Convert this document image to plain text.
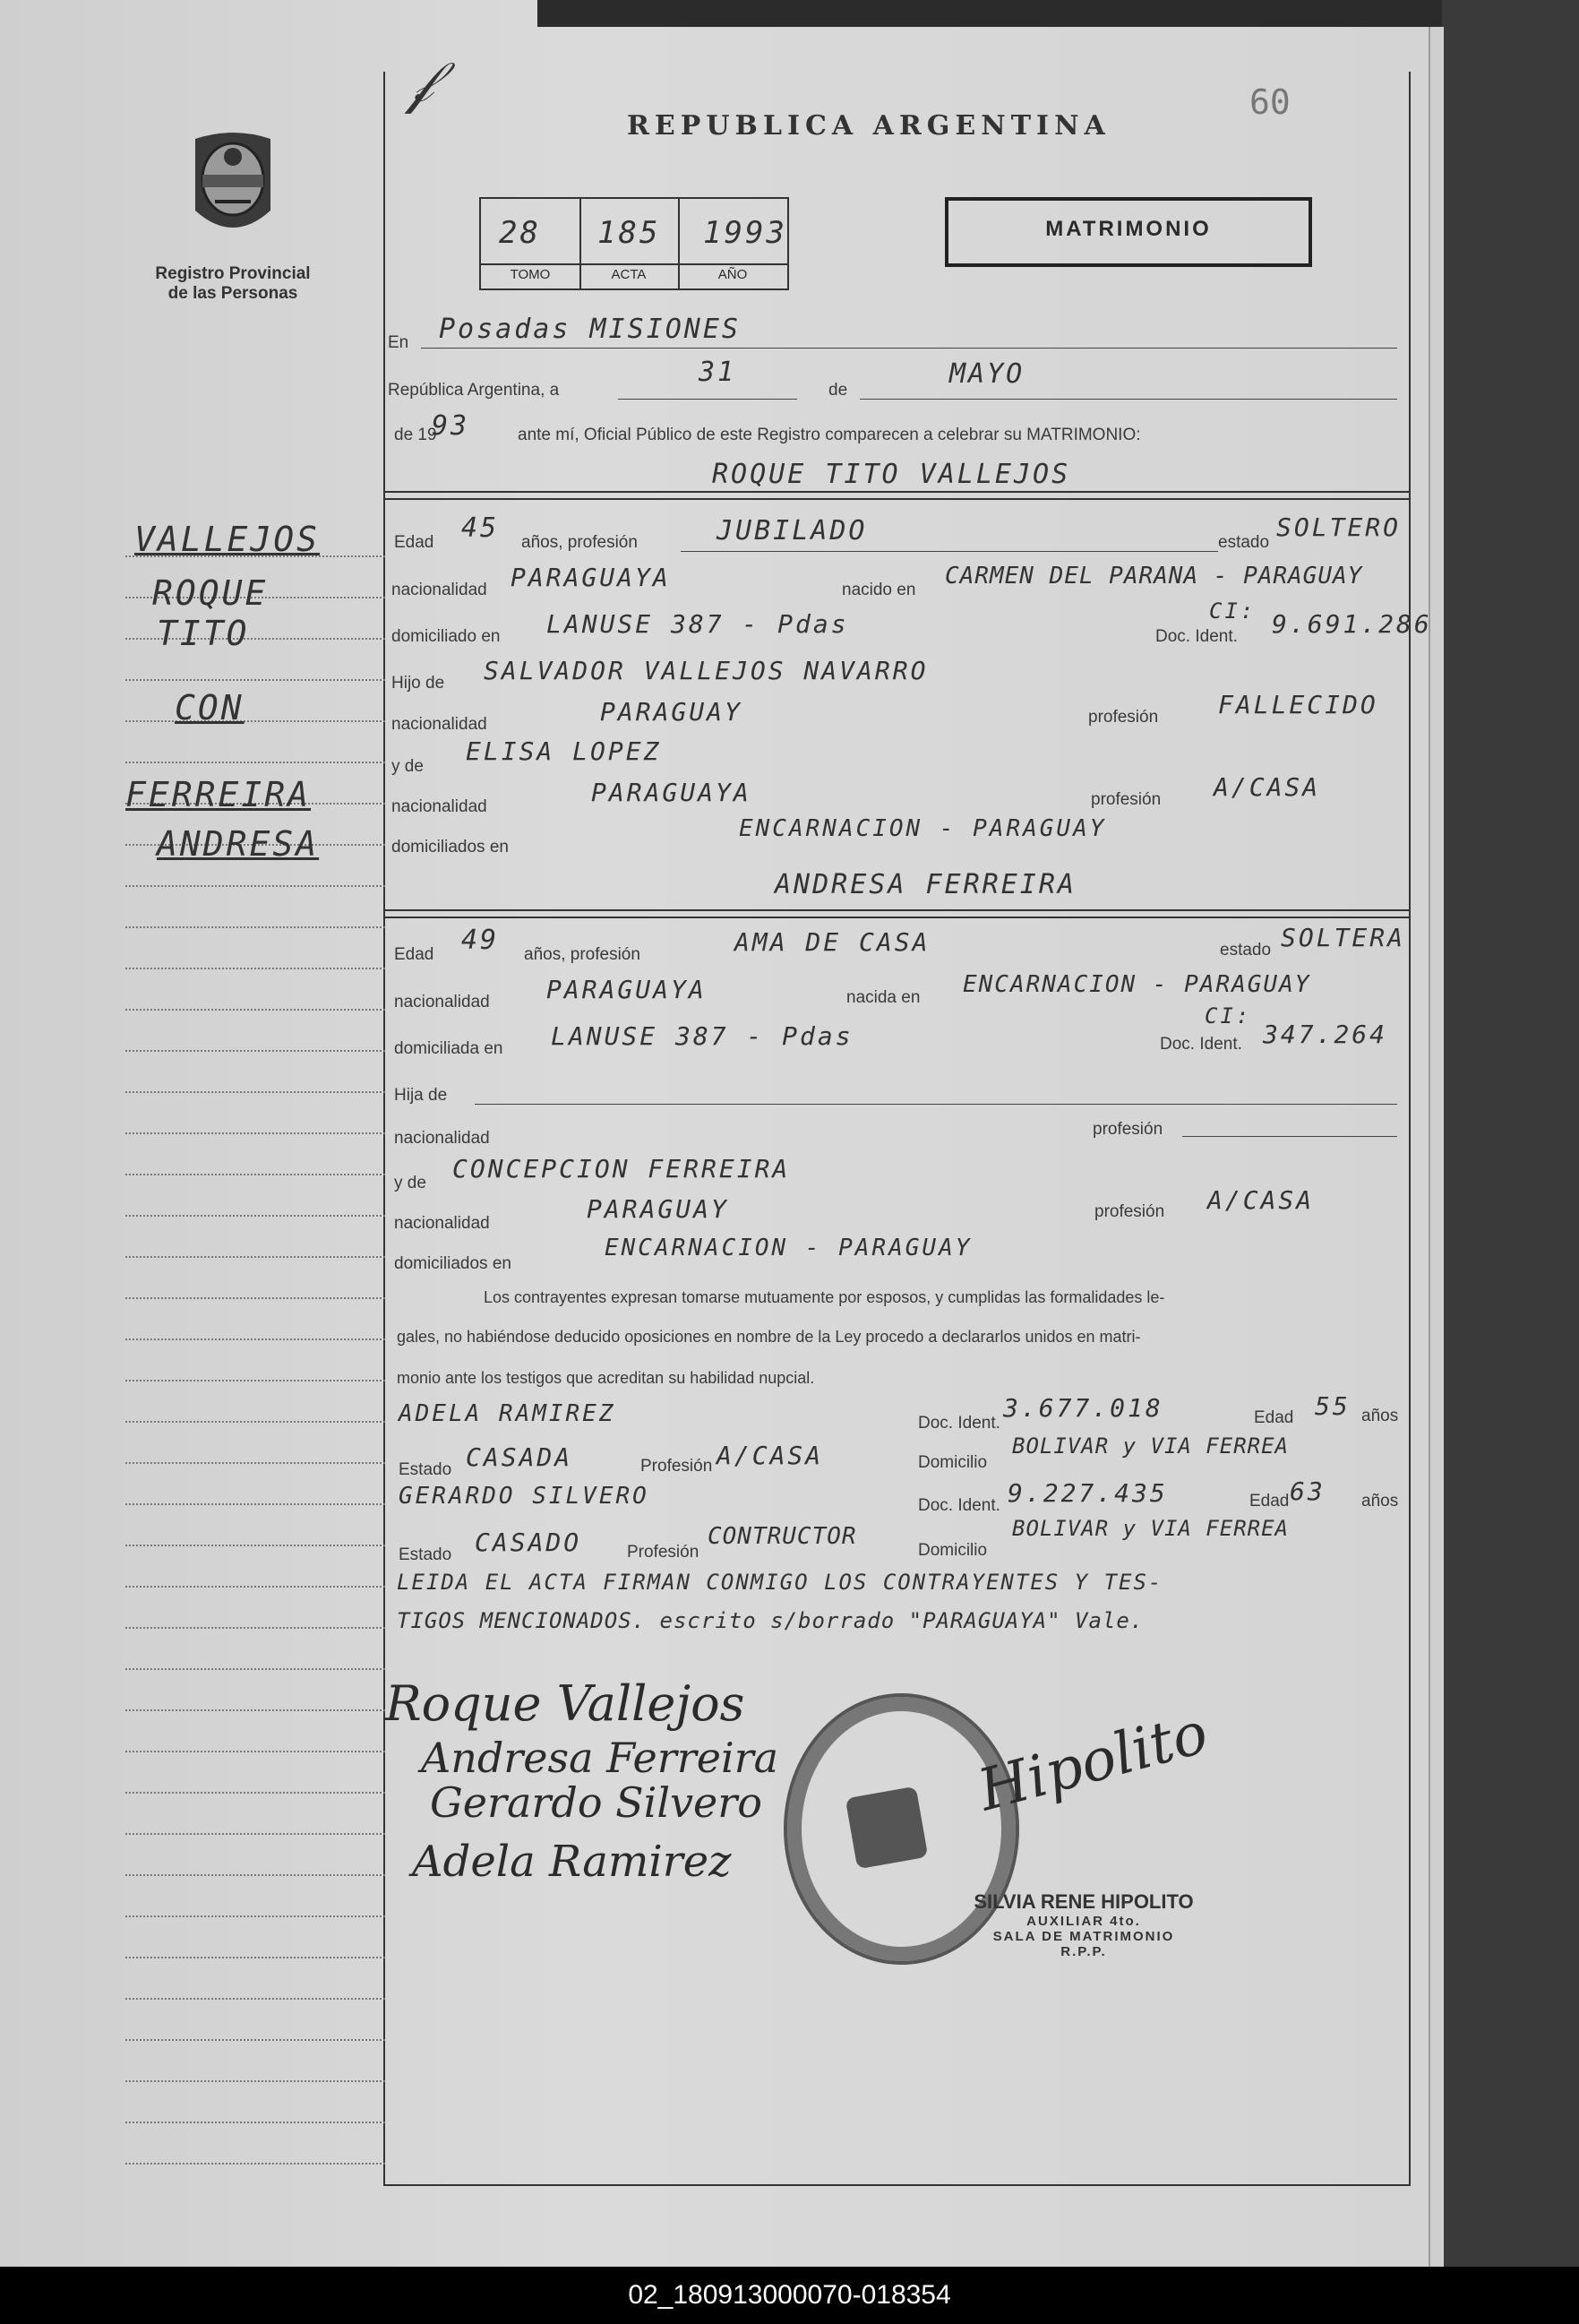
Registro Provincial
de las Personas
𝒻
REPUBLICA ARGENTINA
60
28 185 1993
TOMO	ACTA	AÑO
MATRIMONIO
VALLEJOS
ROQUE
TITO
CON
FERREIRA
ANDRESA
En Posadas MISIONES
República Argentina, a
31
de
MAYO
de 19
93	ante mí, Oficial Público de este Registro comparecen a celebrar su MATRIMONIO:
ROQUE TITO VALLEJOS
Edad 45 años, profesión	JUBILADO	estado
SOLTERO
nacionalidad PARAGUAYA	nacido en
CARMEN DEL PARANA - PARAGUAY
domiciliado en LANUSE 387 - Pdas	Doc. Ident.
CI: 9.691.286
Hijo de SALVADOR VALLEJOS NAVARRO
nacionalidad	PARAGUAY	profesión FALLECIDO
y de
ELISA LOPEZ
nacionalidad	PARAGUAYA	profesión A/CASA
domiciliados en
ENCARNACION - PARAGUAY
ANDRESA FERREIRA
Edad 49 años, profesión	AMA DE CASA	estado SOLTERA
nacionalidad PARAGUAYA	nacida en ENCARNACION - PARAGUAY
domiciliada en LANUSE 387 - Pdas	Doc. Ident.
CI:
347.264
Hija de
nacionalidad	profesión
y de CONCEPCION FERREIRA
nacionalidad	PARAGUAY	profesión A/CASA
domiciliados en
ENCARNACION - PARAGUAY
Los contrayentes expresan tomarse mutuamente por esposos, y cumplidas las formalidades le-
gales, no habiéndose deducido oposiciones en nombre de la Ley procedo a declararlos unidos en matri-
monio ante los testigos que acreditan su habilidad nupcial.
ADELA RAMIREZ	Doc. Ident.
3.677.018	Edad 55 años
Estado CASADA	Profesión A/CASA	Domicilio
BOLIVAR y VIA FERREA
GERARDO SILVERO	Doc. Ident. 9.227.435	Edad 63 años
Estado CASADO	Profesión
CONTRUCTOR
Domicilio
BOLIVAR y VIA FERREA
LEIDA EL ACTA FIRMAN CONMIGO LOS CONTRAYENTES Y TES-
TIGOS MENCIONADOS. escrito s/borrado "PARAGUAYA" Vale.
Roque Vallejos
Andresa Ferreira
Gerardo Silvero
Adela Ramirez
Hipolito
SILVIA RENE HIPOLITO
AUXILIAR 4to.
SALA DE MATRIMONIO
R.P.P.
02_180913000070-018354
